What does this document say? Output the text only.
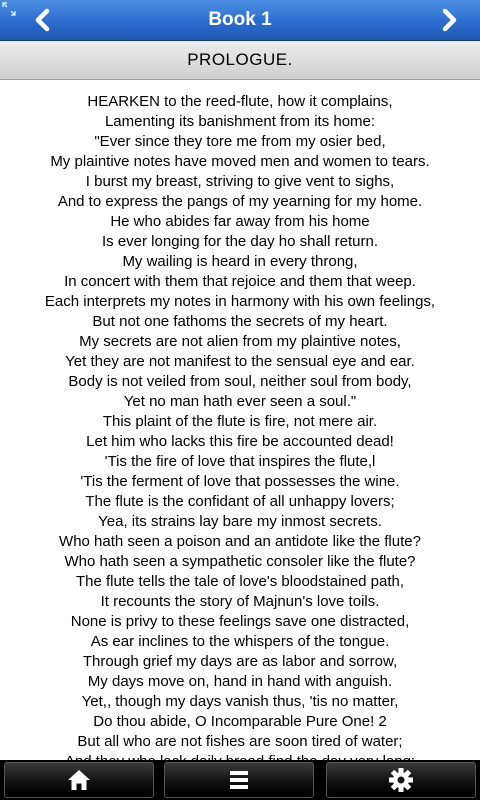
Book 1
PROLOGUE.
HEARKEN to the reed-flute, how it complains,
Lamenting its banishment from its home:
"Ever since they tore me from my osier bed,
My plaintive notes have moved men and women to tears.
I burst my breast, striving to give vent to sighs,
And to express the pangs of my yearning for my home.
He who abides far away from his home
Is ever longing for the day ho shall return.
My wailing is heard in every throng,
In concert with them that rejoice and them that weep.
Each interprets my notes in harmony with his own feelings,
But not one fathoms the secrets of my heart.
My secrets are not alien from my plaintive notes,
Yet they are not manifest to the sensual eye and ear.
Body is not veiled from soul, neither soul from body,
Yet no man hath ever seen a soul."
This plaint of the flute is fire, not mere air.
Let him who lacks this fire be accounted dead!
'Tis the fire of love that inspires the flute,l
'Tis the ferment of love that possesses the wine.
The flute is the confidant of all unhappy lovers;
Yea, its strains lay bare my inmost secrets.
Who hath seen a poison and an antidote like the flute?
Who hath seen a sympathetic consoler like the flute?
The flute tells the tale of love's bloodstained path,
It recounts the story of Majnun's love toils.
None is privy to these feelings save one distracted,
As ear inclines to the whispers of the tongue.
Through grief my days are as labor and sorrow,
My days move on, hand in hand with anguish.
Yet,, though my days vanish thus, 'tis no matter,
Do thou abide, O Incomparable Pure One! 2
But all who are not fishes are soon tired of water;
